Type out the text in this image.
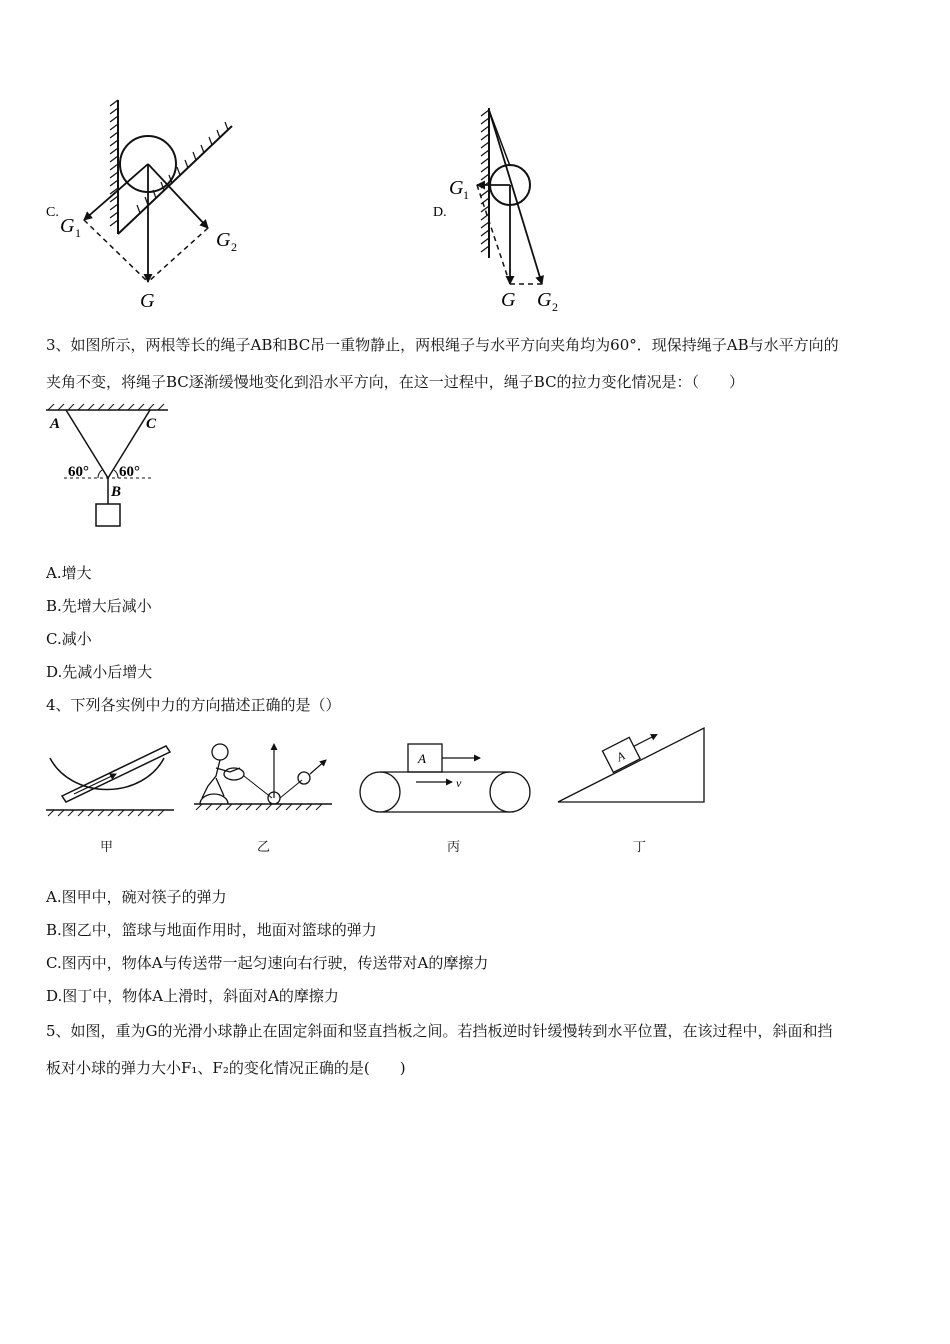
C.
G 1	G 2
G
D.
G 1
G G 2
3、如图所示，两根等长的绳子AB和BC吊一重物静止，两根绳子与水平方向夹角均为60°．现保持绳子AB与水平方向的
夹角不变，将绳子BC逐渐缓慢地变化到沿水平方向，在这一过程中，绳子BC的拉力变化情况是：（　　）
A	C
60° 60°
B
A.增大
B.先增大后减小
C.减小
D.先减小后增大
4、下列各实例中力的方向描述正确的是（）
甲	乙
A
v
丙
A
丁
A.图甲中，碗对筷子的弹力
B.图乙中，篮球与地面作用时，地面对篮球的弹力
C.图丙中，物体A与传送带一起匀速向右行驶，传送带对A的摩擦力
D.图丁中，物体A上滑时，斜面对A的摩擦力
5、如图，重为G的光滑小球静止在固定斜面和竖直挡板之间。若挡板逆时针缓慢转到水平位置，在该过程中，斜面和挡
板对小球的弹力大小F₁、F₂的变化情况正确的是(　　)
